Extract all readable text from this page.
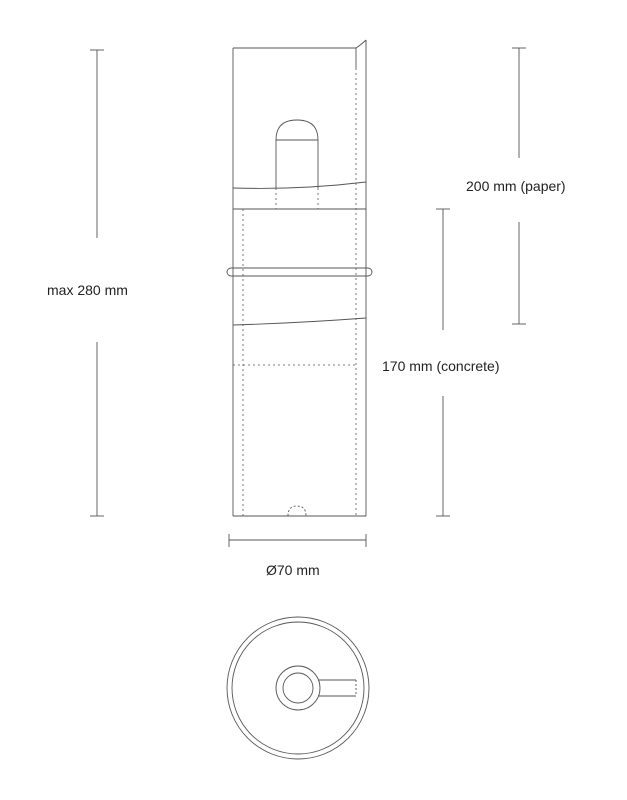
max 280 mm
200 mm (paper)
170 mm (concrete)
Ø70 mm
